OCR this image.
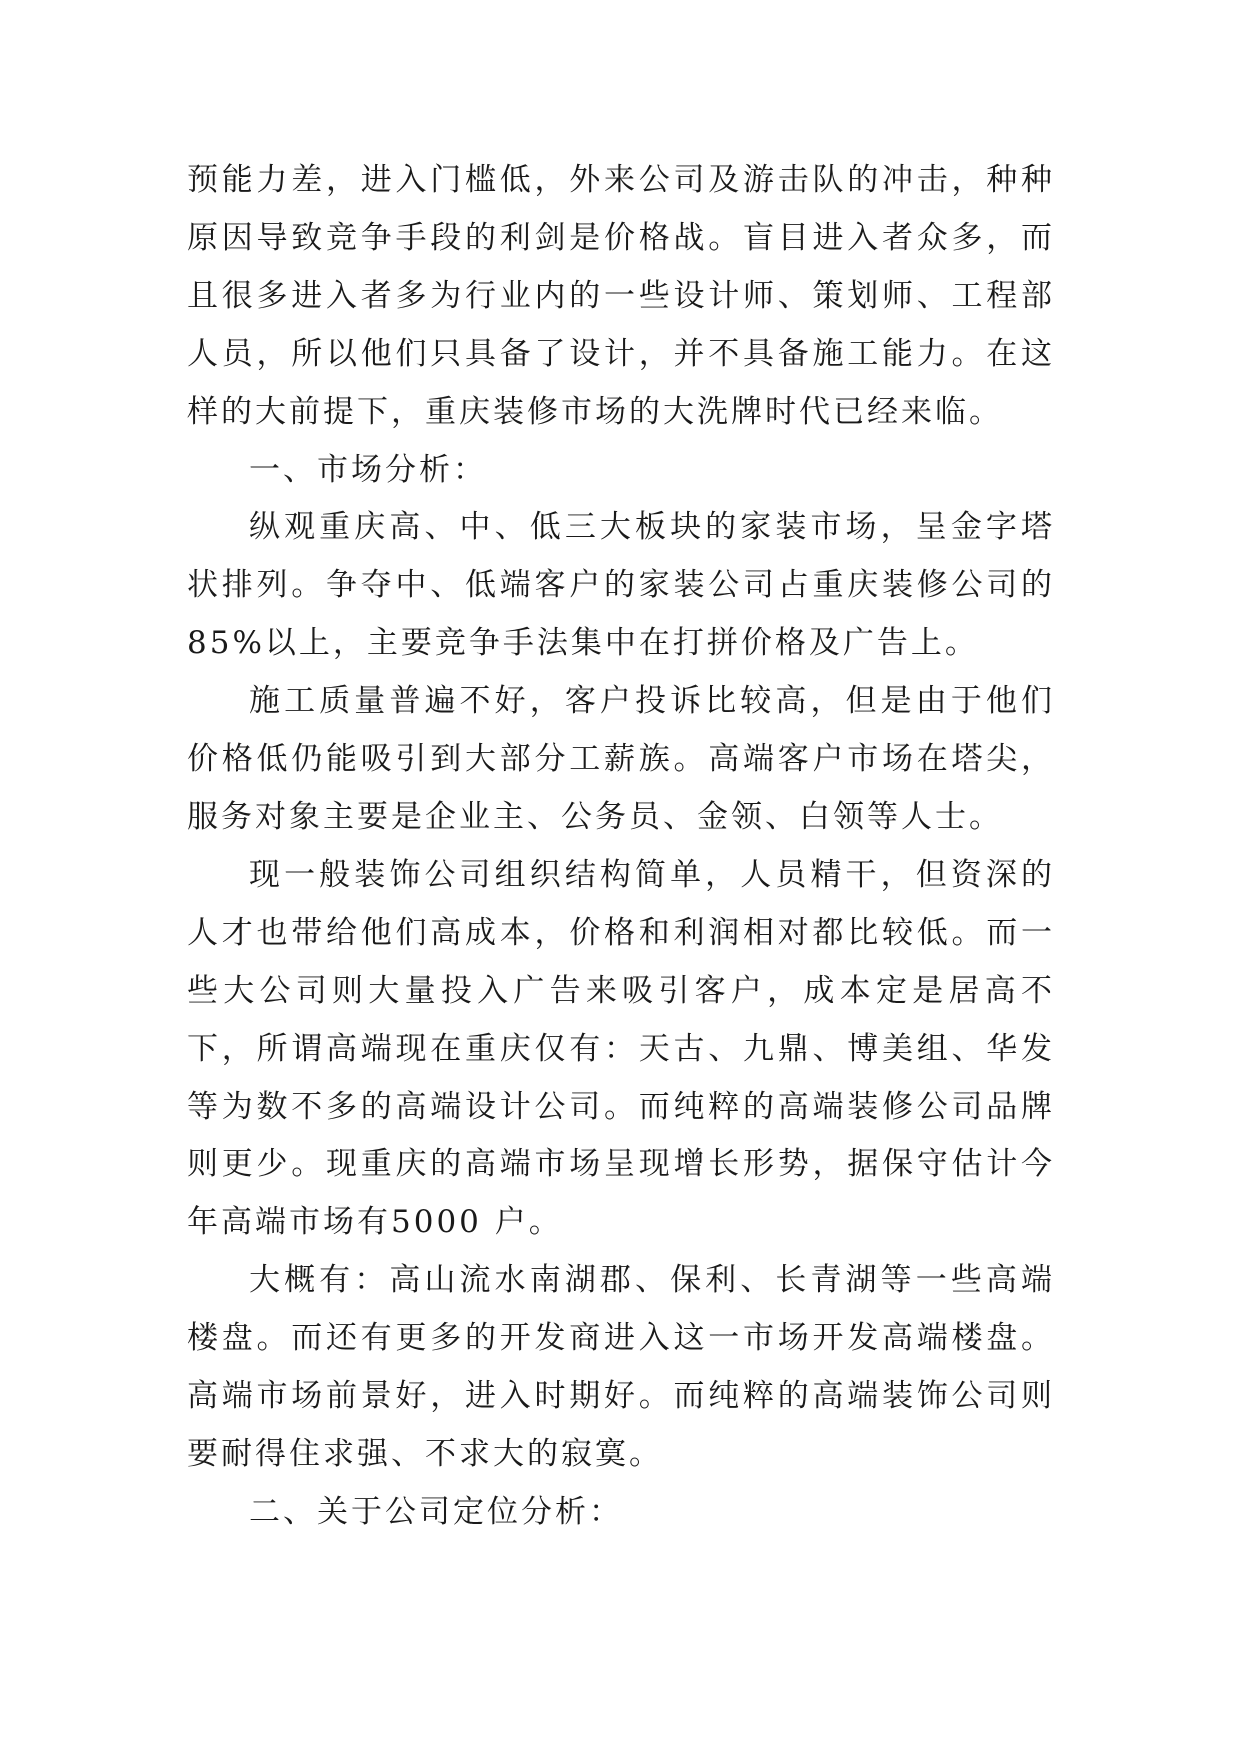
预能力差，进入门槛低，外来公司及游击队的冲击，种种原因导致竞争手段的利剑是价格战。盲目进入者众多，而且很多进入者多为行业内的一些设计师、策划师、工程部人员，所以他们只具备了设计，并不具备施工能力。在这样的大前提下，重庆装修市场的大洗牌时代已经来临。

一、市场分析：

纵观重庆高、中、低三大板块的家装市场，呈金字塔状排列。争夺中、低端客户的家装公司占重庆装修公司的 85%以上，主要竞争手法集中在打拼价格及广告上。

施工质量普遍不好，客户投诉比较高，但是由于他们价格低仍能吸引到大部分工薪族。高端客户市场在塔尖，服务对象主要是企业主、公务员、金领、白领等人士。

现一般装饰公司组织结构简单，人员精干，但资深的人才也带给他们高成本，价格和利润相对都比较低。而一些大公司则大量投入广告来吸引客户，成本定是居高不下，所谓高端现在重庆仅有：天古、九鼎、博美组、华发等为数不多的高端设计公司。而纯粹的高端装修公司品牌则更少。现重庆的高端市场呈现增长形势，据保守估计今年高端市场有5000 户。

大概有：高山流水南湖郡、保利、长青湖等一些高端楼盘。而还有更多的开发商进入这一市场开发高端楼盘。高端市场前景好，进入时期好。而纯粹的高端装饰公司则要耐得住求强、不求大的寂寞。

二、关于公司定位分析：
